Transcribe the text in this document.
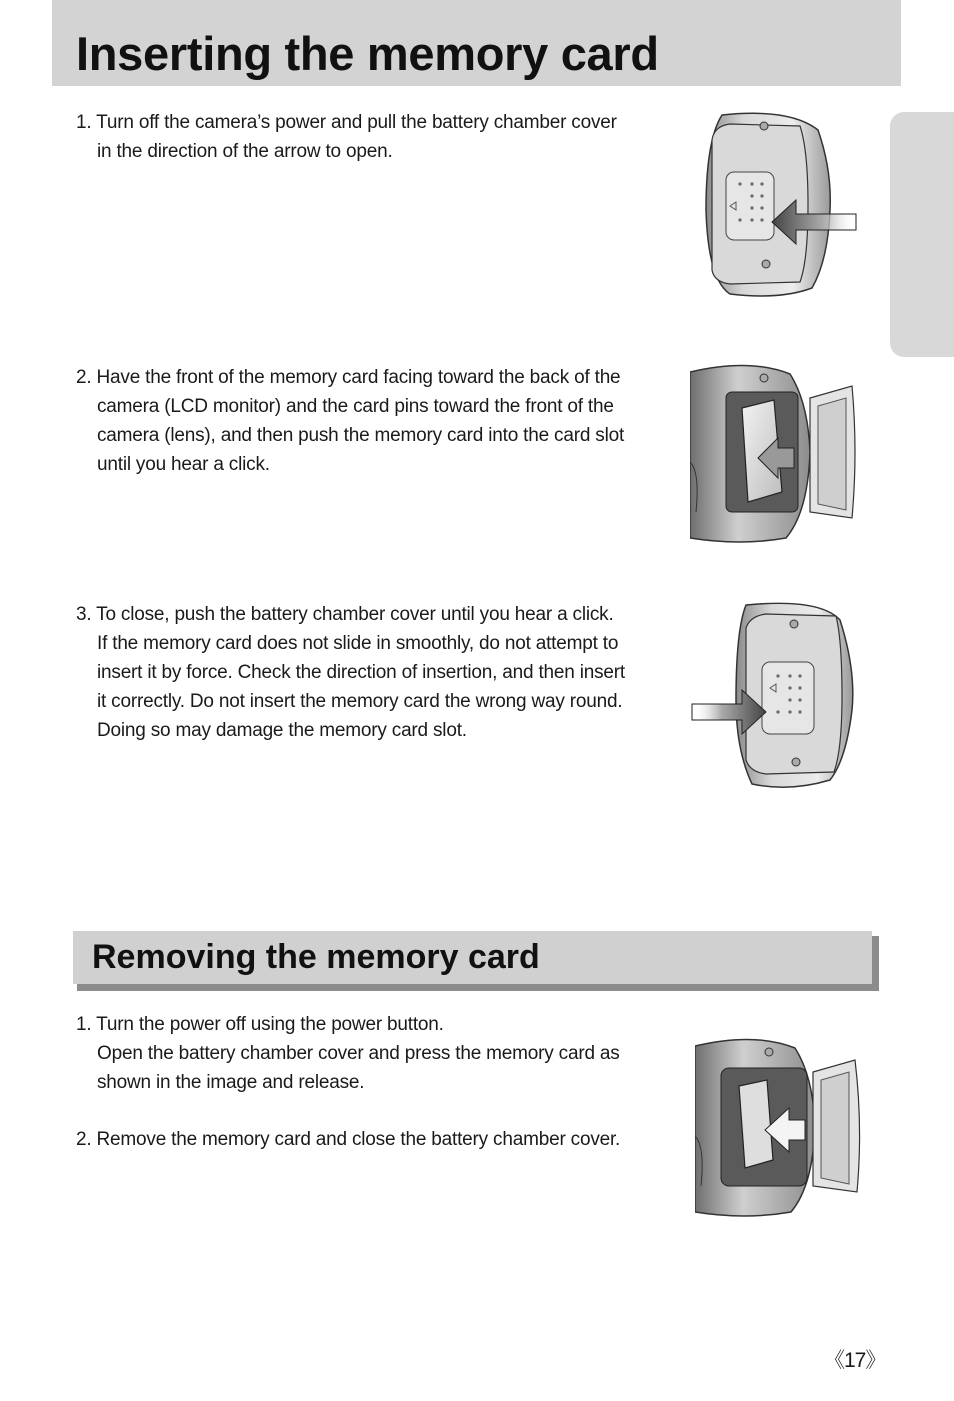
Inserting the memory card
1. Turn off the camera’s power and pull the battery chamber cover
in the direction of the arrow to open.
2. Have the front of the memory card facing toward the back of the
camera (LCD monitor) and the card pins toward the front of the
camera (lens), and then push the memory card into the card slot
until you hear a click.
3. To close, push the battery chamber cover until you hear a click.
If the memory card does not slide in smoothly, do not attempt to
insert it by force. Check the direction of insertion, and then insert
it correctly. Do not insert the memory card the wrong way round.
Doing so may damage the memory card slot.
Removing the memory card
1. Turn the power off using the power button.
Open the battery chamber cover and press the memory card as
shown in the image and release.
2. Remove the memory card and close the battery chamber cover.
《17》
